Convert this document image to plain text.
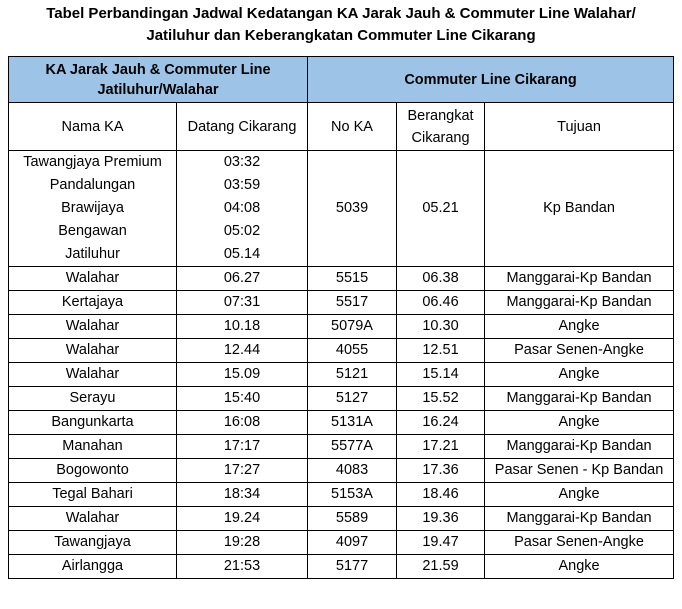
Tabel Perbandingan Jadwal Kedatangan KA Jarak Jauh & Commuter Line Walahar/
Jatiluhur dan Keberangkatan Commuter Line Cikarang
KA Jarak Jauh & Commuter Line
Jatiluhur/Walahar		Commuter Line Cikarang		
Nama KA	Datang Cikarang	No KA	Berangkat
Cikarang	Tujuan
Tawangjaya Premium	03:32	5039	05.21	Kp Bandan
Pandalungan	03:59			
Brawijaya	04:08			
Bengawan	05:02			
Jatiluhur	05.14			
Walahar	06.27	5515	06.38	Manggarai-Kp Bandan
Kertajaya	07:31	5517	06.46	Manggarai-Kp Bandan
Walahar	10.18	5079A	10.30	Angke
Walahar	12.44	4055	12.51	Pasar Senen-Angke
Walahar	15.09	5121	15.14	Angke
Serayu	15:40	5127	15.52	Manggarai-Kp Bandan
Bangunkarta	16:08	5131A	16.24	Angke
Manahan	17:17	5577A	17.21	Manggarai-Kp Bandan
Bogowonto	17:27	4083	17.36	Pasar Senen - Kp Bandan
Tegal Bahari	18:34	5153A	18.46	Angke
Walahar	19.24	5589	19.36	Manggarai-Kp Bandan
Tawangjaya	19:28	4097	19.47	Pasar Senen-Angke
Airlangga	21:53	5177	21.59	Angke
